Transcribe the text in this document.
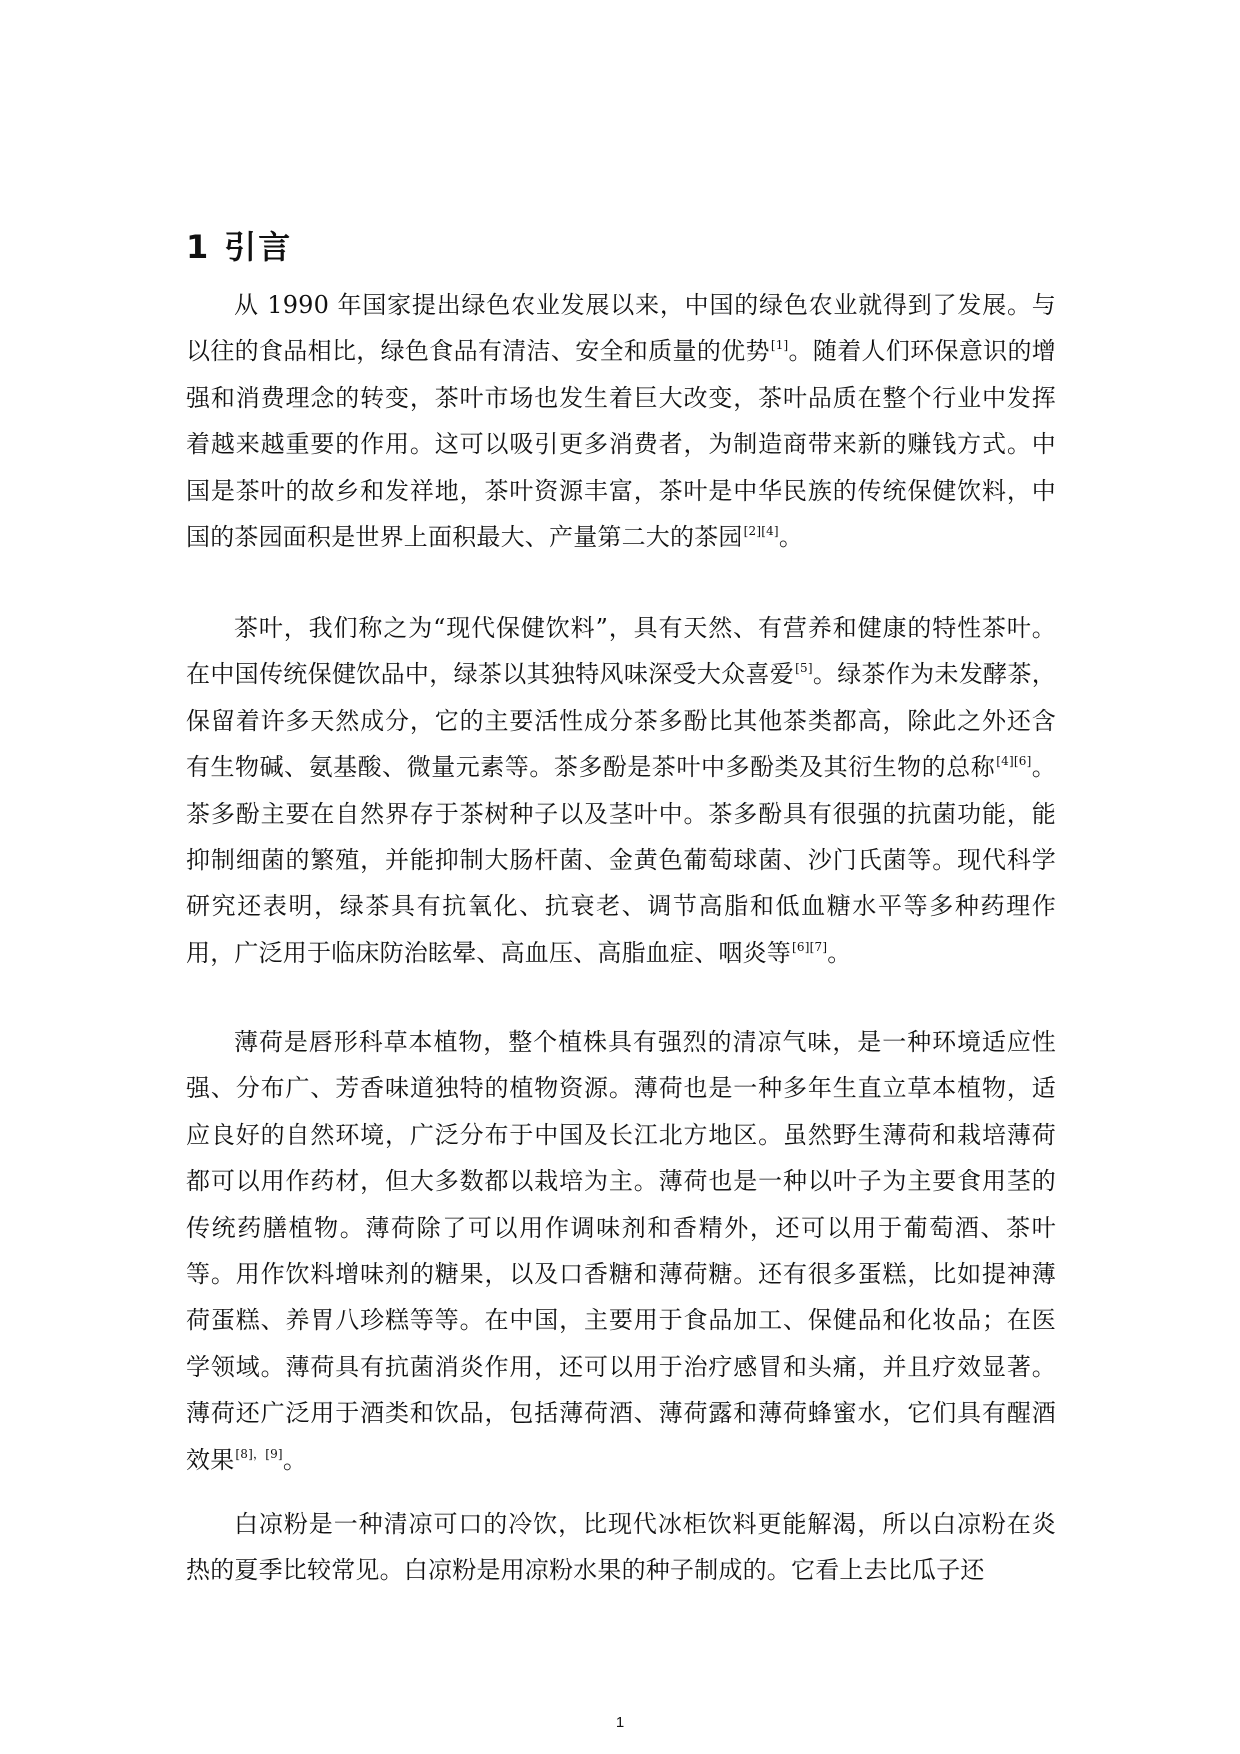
1 引言

从 1990 年国家提出绿色农业发展以来，中国的绿色农业就得到了发展。与以往的食品相比，绿色食品有清洁、安全和质量的优势[1]。随着人们环保意识的增强和消费理念的转变，茶叶市场也发生着巨大改变，茶叶品质在整个行业中发挥着越来越重要的作用。这可以吸引更多消费者，为制造商带来新的赚钱方式。中国是茶叶的故乡和发祥地，茶叶资源丰富，茶叶是中华民族的传统保健饮料，中国的茶园面积是世界上面积最大、产量第二大的茶园[2][4]。

茶叶，我们称之为“现代保健饮料”，具有天然、有营养和健康的特性茶叶。在中国传统保健饮品中，绿茶以其独特风味深受大众喜爱[5]。绿茶作为未发酵茶，保留着许多天然成分，它的主要活性成分茶多酚比其他茶类都高，除此之外还含有生物碱、氨基酸、微量元素等。茶多酚是茶叶中多酚类及其衍生物的总称[4][6]。茶多酚主要在自然界存于茶树种子以及茎叶中。茶多酚具有很强的抗菌功能，能抑制细菌的繁殖，并能抑制大肠杆菌、金黄色葡萄球菌、沙门氏菌等。现代科学研究还表明，绿茶具有抗氧化、抗衰老、调节高脂和低血糖水平等多种药理作用，广泛用于临床防治眩晕、高血压、高脂血症、咽炎等[6][7]。

薄荷是唇形科草本植物，整个植株具有强烈的清凉气味，是一种环境适应性强、分布广、芳香味道独特的植物资源。薄荷也是一种多年生直立草本植物，适应良好的自然环境，广泛分布于中国及长江北方地区。虽然野生薄荷和栽培薄荷都可以用作药材，但大多数都以栽培为主。薄荷也是一种以叶子为主要食用茎的传统药膳植物。薄荷除了可以用作调味剂和香精外，还可以用于葡萄酒、茶叶等。用作饮料增味剂的糖果，以及口香糖和薄荷糖。还有很多蛋糕，比如提神薄荷蛋糕、养胃八珍糕等等。在中国，主要用于食品加工、保健品和化妆品；在医学领域。薄荷具有抗菌消炎作用，还可以用于治疗感冒和头痛，并且疗效显著。薄荷还广泛用于酒类和饮品，包括薄荷酒、薄荷露和薄荷蜂蜜水，它们具有醒酒效果[8]，[9]。

白凉粉是一种清凉可口的冷饮，比现代冰柜饮料更能解渴，所以白凉粉在炎热的夏季比较常见。白凉粉是用凉粉水果的种子制成的。它看上去比瓜子还

1
